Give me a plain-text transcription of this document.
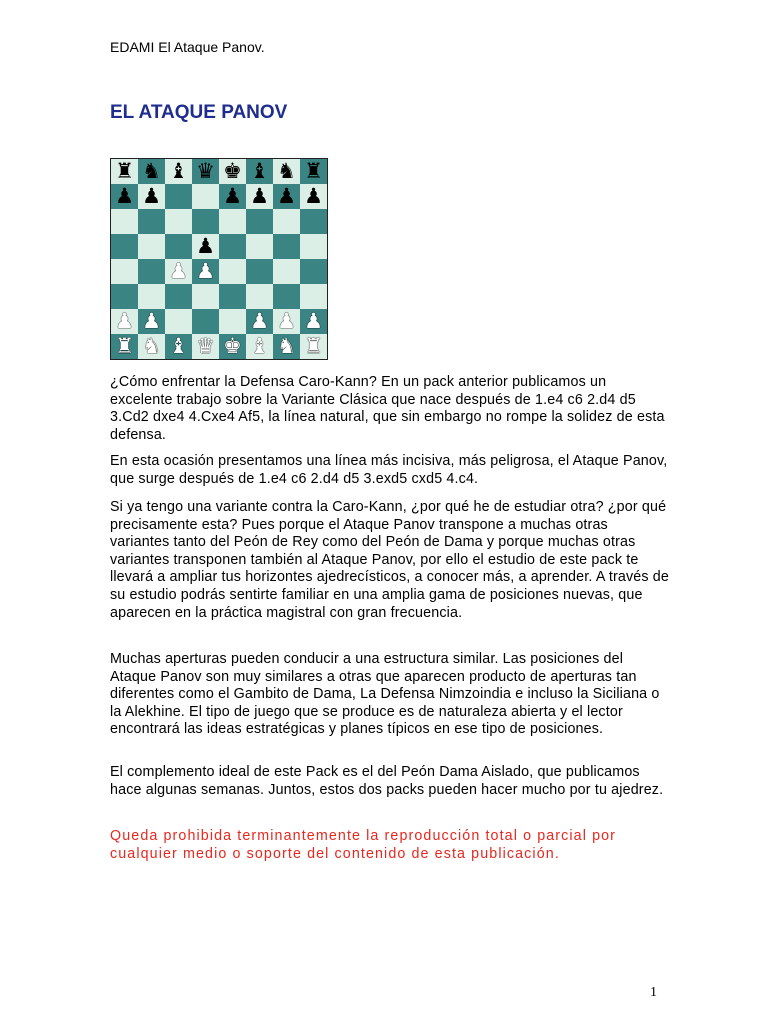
EDAMI El Ataque Panov.
EL ATAQUE PANOV
♜ ♞ ♝ ♛ ♚ ♝ ♞ ♜
♟ ♟	♟ ♟ ♟ ♟
♟
♟ ♟
♟ ♟	♟ ♟ ♟
♜ ♞ ♝ ♛ ♚ ♝ ♞ ♜

¿Cómo enfrentar la Defensa Caro-Kann? En un pack anterior publicamos un excelente trabajo sobre la Variante Clásica que nace después de 1.e4 c6 2.d4 d5 3.Cd2 dxe4 4.Cxe4 Af5, la línea natural, que sin embargo no rompe la solidez de esta defensa.

En esta ocasión presentamos una línea más incisiva, más peligrosa, el Ataque Panov, que surge después de 1.e4 c6 2.d4 d5 3.exd5 cxd5 4.c4.

Si ya tengo una variante contra la Caro-Kann, ¿por qué he de estudiar otra? ¿por qué precisamente esta? Pues porque el Ataque Panov transpone a muchas otras variantes tanto del Peón de Rey como del Peón de Dama y porque muchas otras variantes transponen también al Ataque Panov, por ello el estudio de este pack te llevará a ampliar tus horizontes ajedrecísticos, a conocer más, a aprender. A través de su estudio podrás sentirte familiar en una amplia gama de posiciones nuevas, que aparecen en la práctica magistral con gran frecuencia.

Muchas aperturas pueden conducir a una estructura similar. Las posiciones del Ataque Panov son muy similares a otras que aparecen producto de aperturas tan diferentes como el Gambito de Dama, La Defensa Nimzoindia e incluso la Siciliana o la Alekhine. El tipo de juego que se produce es de naturaleza abierta y el lector encontrará las ideas estratégicas y planes típicos en ese tipo de posiciones.

El complemento ideal de este Pack es el del Peón Dama Aislado, que publicamos hace algunas semanas. Juntos, estos dos packs pueden hacer mucho por tu ajedrez.

Queda prohibida terminantemente la reproducción total o parcial por cualquier medio o soporte del contenido de esta publicación.

1
